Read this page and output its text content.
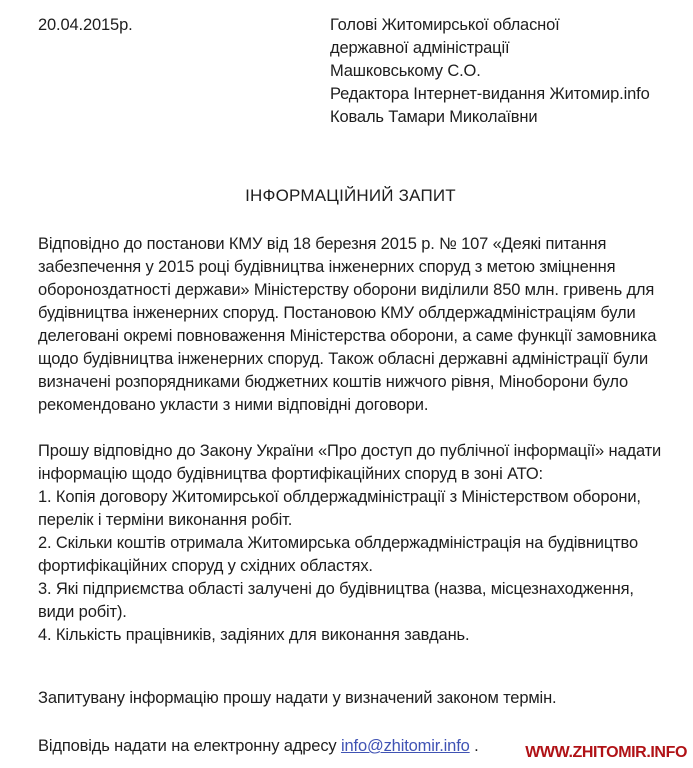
20.04.2015р.	Голові Житомирської обласної
державної адміністрації
Машковському С.О.
Редактора Інтернет-видання Житомир.info
Коваль Тамари Миколаївни
ІНФОРМАЦІЙНИЙ ЗАПИТ

Відповідно до постанови КМУ від 18 березня 2015 р. № 107 «Деякі питання забезпечення у 2015 році будівництва інженерних споруд з метою зміцнення обороноздатності держави» Міністерству оборони виділили 850 млн. гривень для будівництва інженерних споруд. Постановою КМУ облдержадміністраціям були делеговані окремі повноваження Міністерства оборони, а саме функції замовника щодо будівництва інженерних споруд. Також обласні державні адміністрації були визначені розпорядниками бюджетних коштів нижчого рівня, Міноборони було рекомендовано укласти з ними відповідні договори.

Прошу відповідно до Закону України «Про доступ до публічної інформації» надати інформацію щодо будівництва фортифікаційних споруд в зоні АТО:

1. Копія договору Житомирської облдержадміністрації з Міністерством оборони, перелік і терміни виконання робіт.

2. Скільки коштів отримала Житомирська облдержадміністрація на будівництво фортифікаційних споруд у східних областях.

3. Які підприємства області залучені до будівництва (назва, місцезнаходження, види робіт).

4. Кількість працівників, задіяних для виконання завдань.

Запитувану інформацію прошу надати у визначений законом термін.

Відповідь надати на електронну адресу info@zhitomir.info .	WWW.ZHITOMIR.INFO
